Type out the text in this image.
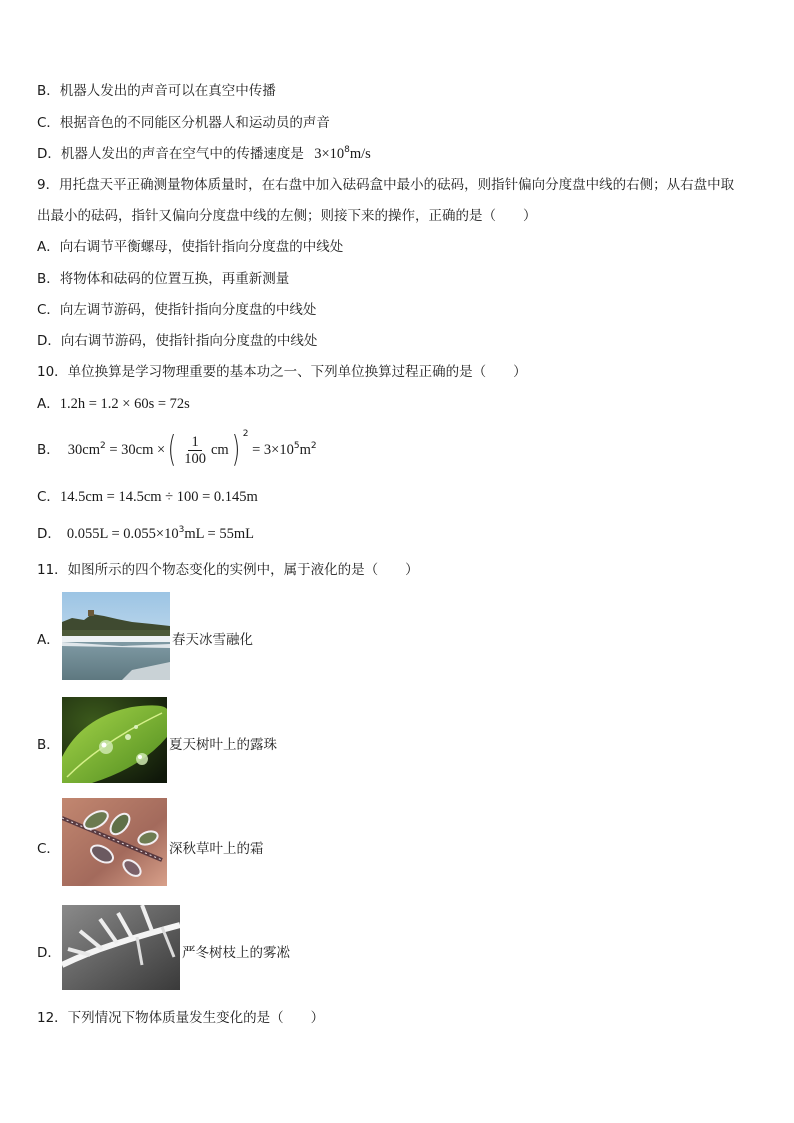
B．机器人发出的声音可以在真空中传播
C．根据音色的不同能区分机器人和运动员的声音
D．机器人发出的声音在空气中的传播速度是 $3\times 10^8m/s$
9．用托盘天平正确测量物体质量时，在右盘中加入砝码盒中最小的砝码，则指针偏向分度盘中线的右侧；从右盘中取
出最小的砝码，指针又偏向分度盘中线的左侧；则接下来的操作，正确的是（　　）
A．向右调节平衡螺母，使指针指向分度盘的中线处
B．将物体和砝码的位置互换，再重新测量
C．向左调节游码，使指针指向分度盘的中线处
D．向右调节游码，使指针指向分度盘的中线处
10．单位换算是学习物理重要的基本功之一、下列单位换算过程正确的是（　　）
A．1.2h = 1.2 × 60s = 72s
B． $30cm^2 = 30cm$ ×( $\frac{1}{100} cm$) $^2 = 3\times 10^5m^2$
C．14.5cm = 14.5cm ÷ 100 = 0.145m
D． $0.055L = 0.055\times 10^3mL = 55mL$
11．如图所示的四个物态变化的实例中，属于液化的是（　　）
A．	春天冰雪融化
B．	夏天树叶上的露珠
C．	深秋草叶上的霜
D．	严冬树枝上的雾凇
12．下列情况下物体质量发生变化的是（　　）
